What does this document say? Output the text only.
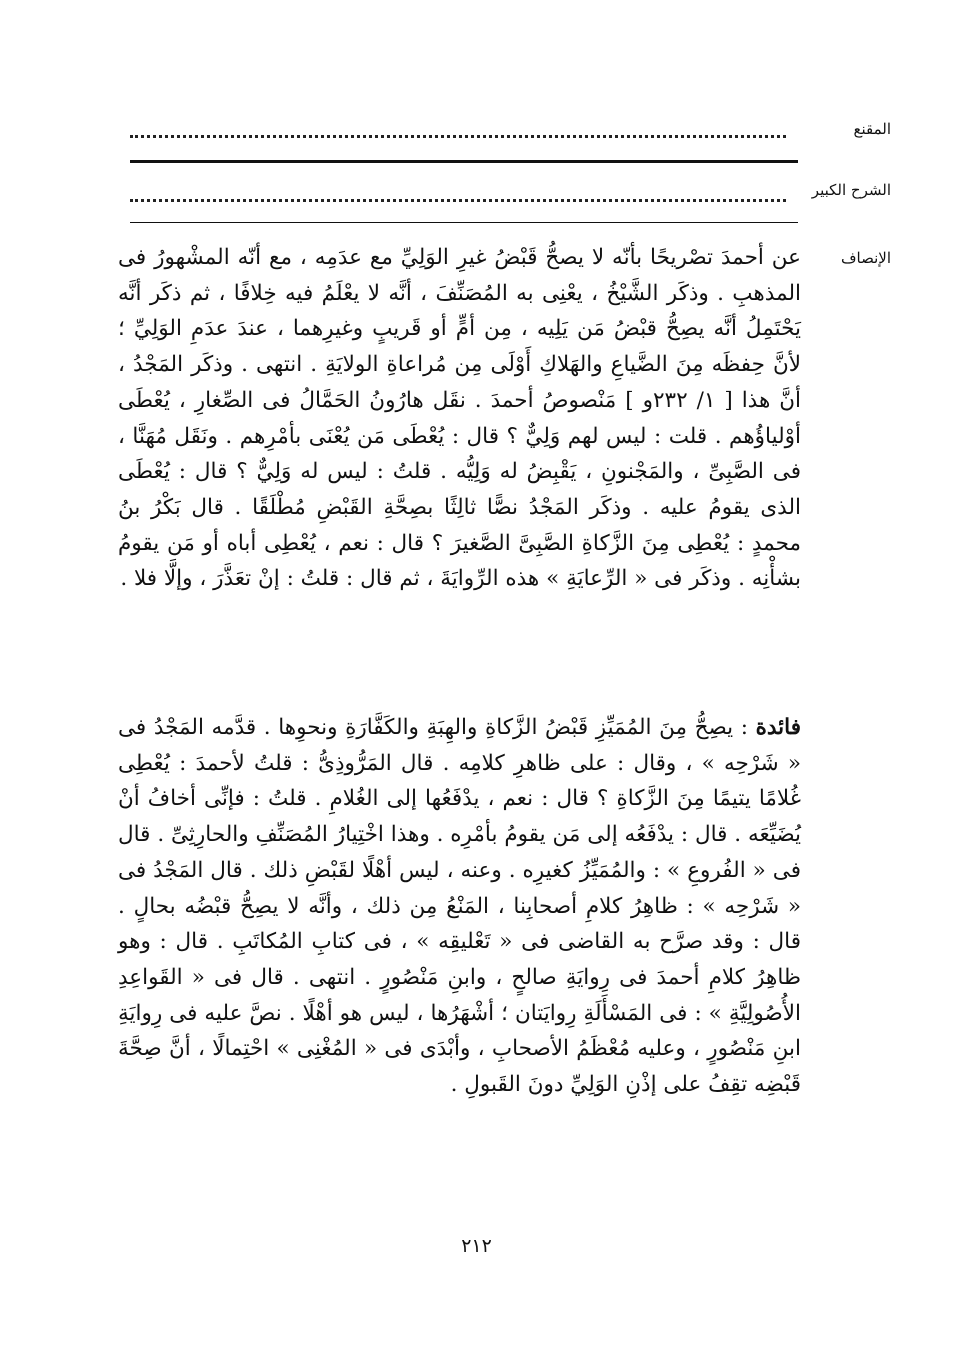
المقنع
الشرح الكبير
الإنصاف

عن أحمدَ تصْريحًا بأنّه لا يصحُّ قَبْضُ غيرِ الوَلِيِّ مع عدَمِه ، مع أنّه المشْهورُ فى المذهبِ . وذكَر الشَّيْخُ ، يعْنِى به المُصَنِّفَ ، أنَّه لا يعْلَمُ فيه خِلافًا ، ثم ذكَر أنَّه يَحْتَمِلُ أنَّه يصِحُّ قبْضُ مَن يَلِيه ، مِن أمٍّ أو قَريبٍ وغيرِهما ، عندَ عدَمِ الوَلِيِّ ؛ لأنَّ حِفظَه مِنَ الضَّياعِ والهَلاكِ أَوْلَى مِن مُراعاةِ الولايَةِ . انتهى . وذكَر المَجْدُ ، أنَّ هذا [ ١/ ٢٣٢و ] مَنْصوصُ أحمدَ . نقَل هارُونُ الحَمَّالُ فى الصِّغارِ ، يُعْطَى أوْلياؤُهم . قلت : ليس لهم وَلِيٌّ ؟ قال : يُعْطَى مَن يُعْنَى بأمْرِهم . ونَقَل مُهَنَّا ، فى الصَّبِىِّ ، والمَجْنونِ ، يَقْبِضُ له وَلِيُّه . قلتُ : ليس له وَلِيٌّ ؟ قال : يُعْطَى الذى يقومُ عليه . وذكَر المَجْدُ نصًّا ثالِثًا بصِحَّةِ القَبْضِ مُطْلَقًا . قال بَكْرُ بنُ محمدٍ : يُعْطِى مِنَ الزَّكاةِ الصَّبِىَّ الصَّغيرَ ؟ قال : نعم ، يُعْطِى أباه أو مَن يقومُ بشأْنِه . وذكَر فى « الرِّعايَةِ » هذه الرِّوايَةَ ، ثم قال : قلتُ : إنْ تعَذَّرَ ، وإلَّا فلا .

فائدة : يصِحُّ مِنَ المُمَيِّزِ قَبْضُ الزَّكاةِ والهِبَةِ والكَفَّارَةِ ونحوِها . قدَّمه المَجْدُ فى « شَرْحِه » ، وقال : على ظاهرِ كلامِه . قال المَرُّوذِىُّ : قلتُ لأحمدَ : يُعْطِى غُلامًا يتيمًا مِنَ الزَّكاةِ ؟ قال : نعم ، يدْفَعُها إلى الغُلامِ . قلتُ : فإنِّى أخافُ أنْ يُضَيِّعَه . قال : يدْفَعُه إلى مَن يقومُ بأمْرِه . وهذا اخْتِيارُ المُصَنِّفِ والحارِثِىِّ . قال فى « الفُروعِ » : والمُمَيِّزُ كغيرِه . وعنه ، ليس أهْلًا لقَبْضِ ذلك . قال المَجْدُ فى « شَرْحِه » : ظاهِرُ كلامِ أصحابِنا ، المَنْعُ مِن ذلك ، وأنَّه لا يصِحُّ قبْضُه بحالٍ . قال : وقد صرَّح به القاضى فى « تَعْليقِه » ، فى كتابِ المُكاتَبِ . قال : وهو ظاهِرُ كلامِ أحمدَ فى رِوايَةِ صالحٍ ، وابنِ مَنْصُورٍ . انتهى . قال فى « القَواعِدِ الأُصُولِيَّةِ » : فى المَسْأَلَةِ رِوايَتان ؛ أشْهَرُها ، ليس هو أهْلًا . نصَّ عليه فى رِوايَةِ ابنِ مَنْصُورٍ ، وعليه مُعْظَمُ الأصحابِ ، وأبْدَى فى « المُغْنِى » احْتِمالًا ، أنَّ صِحَّةَ قَبْضِه تقِفُ على إذْنِ الوَلِيِّ دونَ القَبولِ .

٢١٢
